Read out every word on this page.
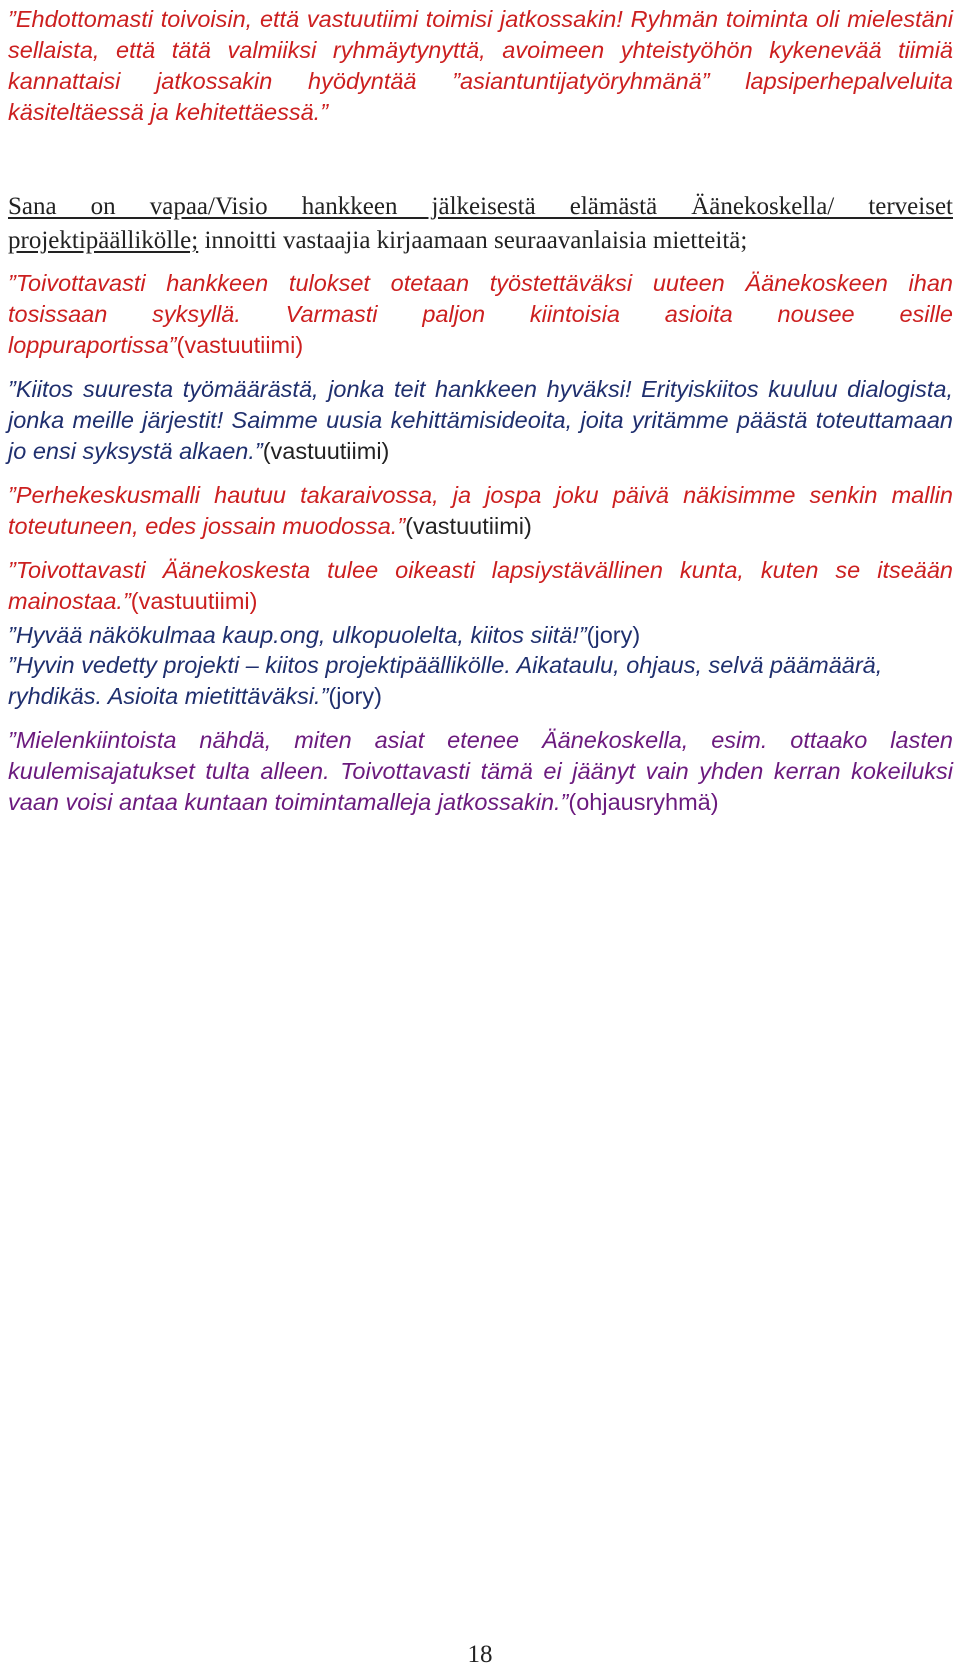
”Ehdottomasti toivoisin, että vastuutiimi toimisi jatkossakin! Ryhmän toiminta oli mielestäni sellaista, että tätä valmiiksi ryhmäytynyttä, avoimeen yhteistyöhön kykenevää tiimiä kannattaisi jatkossakin hyödyntää ”asiantuntijatyöryhmänä” lapsiperhepalveluita käsiteltäessä ja kehitettäessä.”

Sana on vapaa/Visio hankkeen jälkeisestä elämästä Äänekoskella/ terveiset projektipäällikölle; innoitti vastaajia kirjaamaan seuraavanlaisia mietteitä;

”Toivottavasti hankkeen tulokset otetaan työstettäväksi uuteen Äänekoskeen ihan tosissaan syksyllä. Varmasti paljon kiintoisia asioita nousee esille loppuraportissa”(vastuutiimi)

”Kiitos suuresta työmäärästä, jonka teit hankkeen hyväksi! Erityiskiitos kuuluu dialogista, jonka meille järjestit! Saimme uusia kehittämisideoita, joita yritämme päästä toteuttamaan jo ensi syksystä alkaen.”(vastuutiimi)

”Perhekeskusmalli hautuu takaraivossa, ja jospa joku päivä näkisimme senkin mallin toteutuneen, edes jossain muodossa.”(vastuutiimi)

”Toivottavasti Äänekoskesta tulee oikeasti lapsiystävällinen kunta, kuten se itseään mainostaa.”(vastuutiimi)

”Hyvää näkökulmaa kaup.ong, ulkopuolelta, kiitos siitä!”(jory)

”Hyvin vedetty projekti – kiitos projektipäällikölle. Aikataulu, ohjaus, selvä päämäärä, ryhdikäs. Asioita mietittäväksi.”(jory)

”Mielenkiintoista nähdä, miten asiat etenee Äänekoskella, esim. ottaako lasten kuulemisajatukset tulta alleen. Toivottavasti tämä ei jäänyt vain yhden kerran kokeiluksi vaan voisi antaa kuntaan toimintamalleja jatkossakin.”(ohjausryhmä)

18
